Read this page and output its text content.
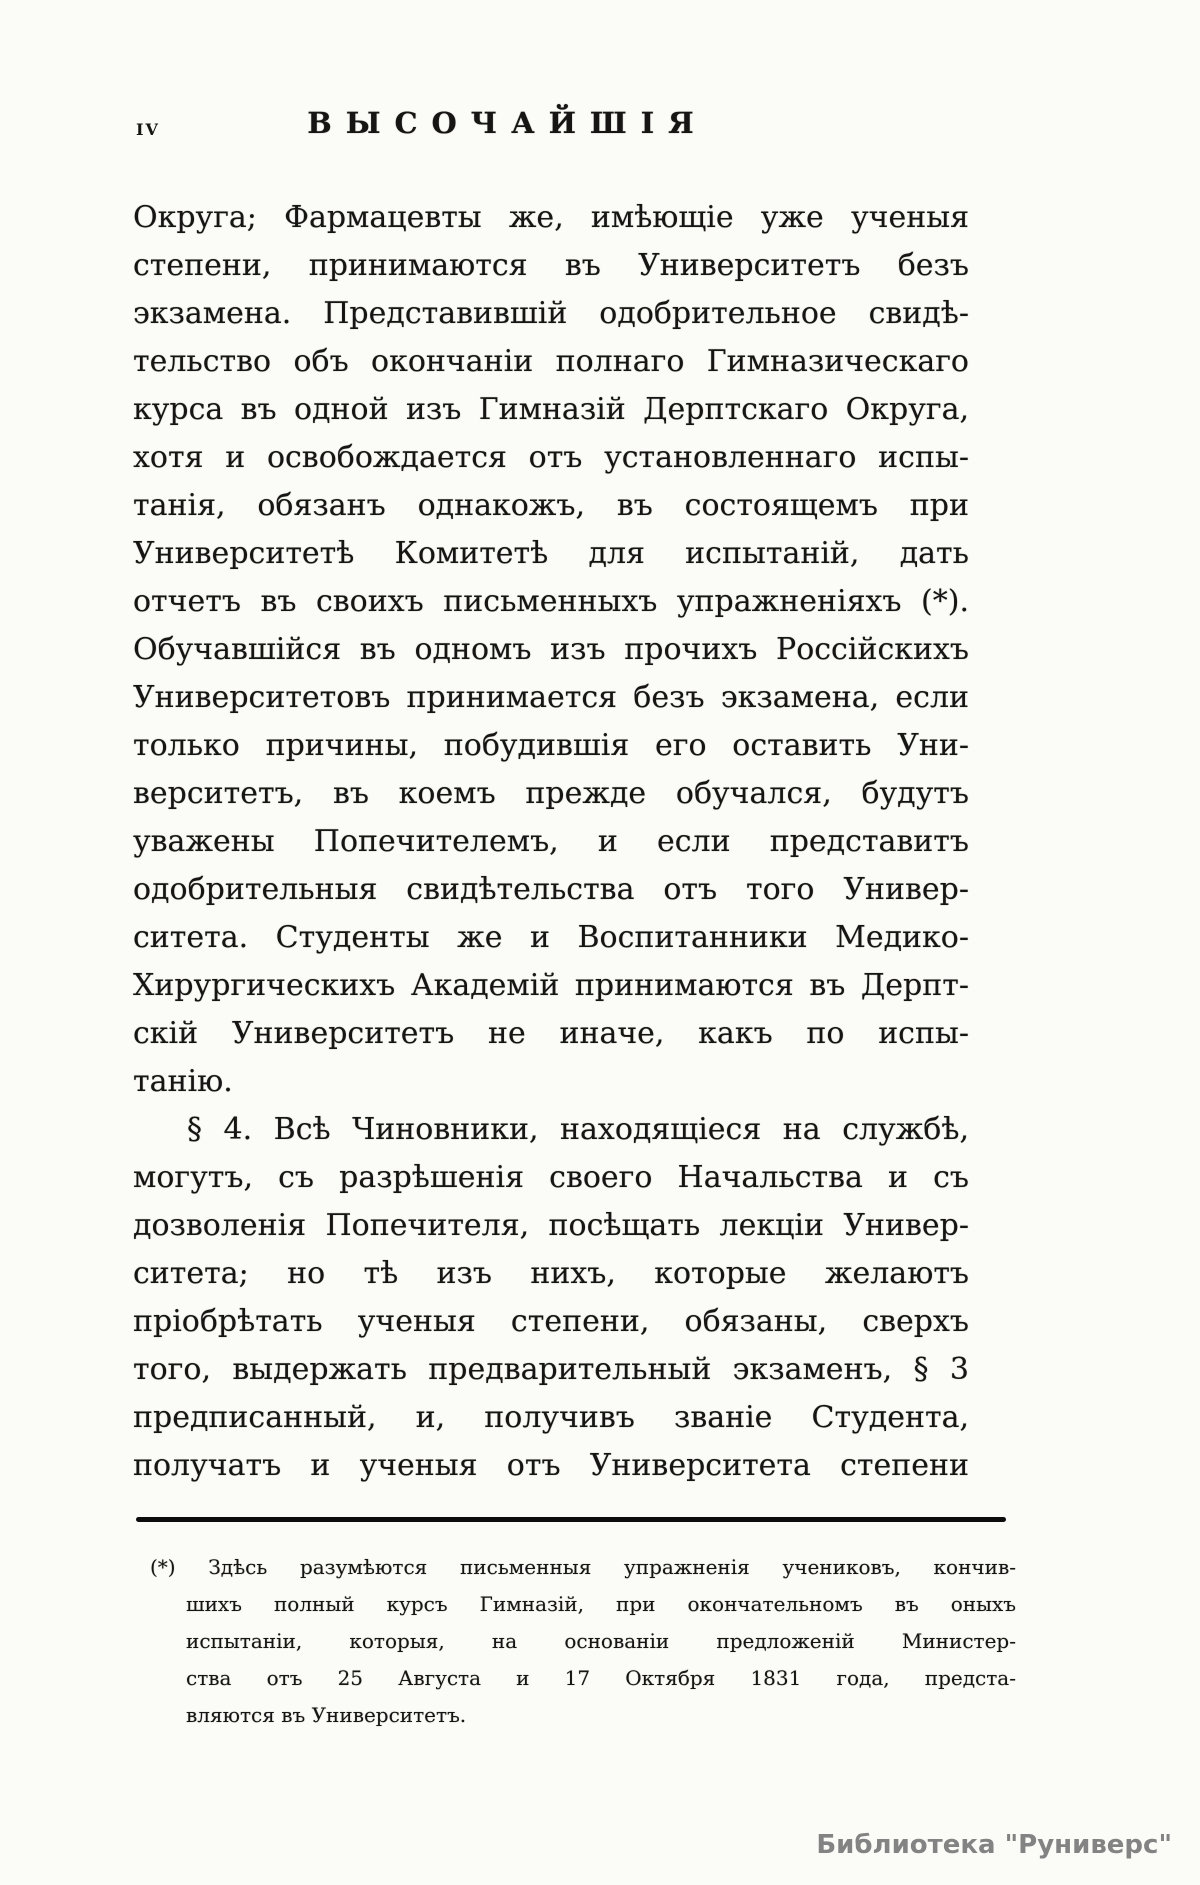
iv	ВЫСОЧАЙШІЯ
Округа; Фармацевты же, имѣющіе уже ученыя
степени, принимаются въ Университетъ безъ
экзамена. Представившій одобрительное свидѣ-
тельство объ окончаніи полнаго Гимназическаго
курса въ одной изъ Гимназій Дерптскаго Округа,
хотя и освобождается отъ установленнаго испы-
танія, обязанъ однакожъ, въ состоящемъ при
Университетѣ Комитетѣ для испытаній, дать
отчетъ въ своихъ письменныхъ упражненіяхъ (*).
Обучавшійся въ одномъ изъ прочихъ Россійскихъ
Университетовъ принимается безъ экзамена, если
только причины, побудившія его оставить Уни-
верситетъ, въ коемъ прежде обучался, будутъ
уважены Попечителемъ, и если представитъ
одобрительныя свидѣтельства отъ того Универ-
ситета. Студенты же и Воспитанники Медико-
Хирургическихъ Академій принимаются въ Дерпт-
скій Университетъ не иначе, какъ по испы-
танію.
§ 4. Всѣ Чиновники, находящіеся на службѣ,
могутъ, съ разрѣшенія своего Начальства и съ
дозволенія Попечителя, посѣщать лекціи Универ-
ситета; но тѣ изъ нихъ, которые желаютъ
пріобрѣтать ученыя степени, обязаны, сверхъ
того, выдержать предварительный экзаменъ, § 3
предписанный, и, получивъ званіе Студента,
получатъ и ученыя отъ Университета степени
(*) Здѣсь разумѣются письменныя упражненія учениковъ, кончив-
шихъ полный курсъ Гимназій, при окончательномъ въ оныхъ
испытаніи, которыя, на основаніи предложеній Министер-
ства отъ 25 Августа и 17 Октября 1831 года, предста-
вляются въ Университетъ.
Библиотека "Руниверс"
